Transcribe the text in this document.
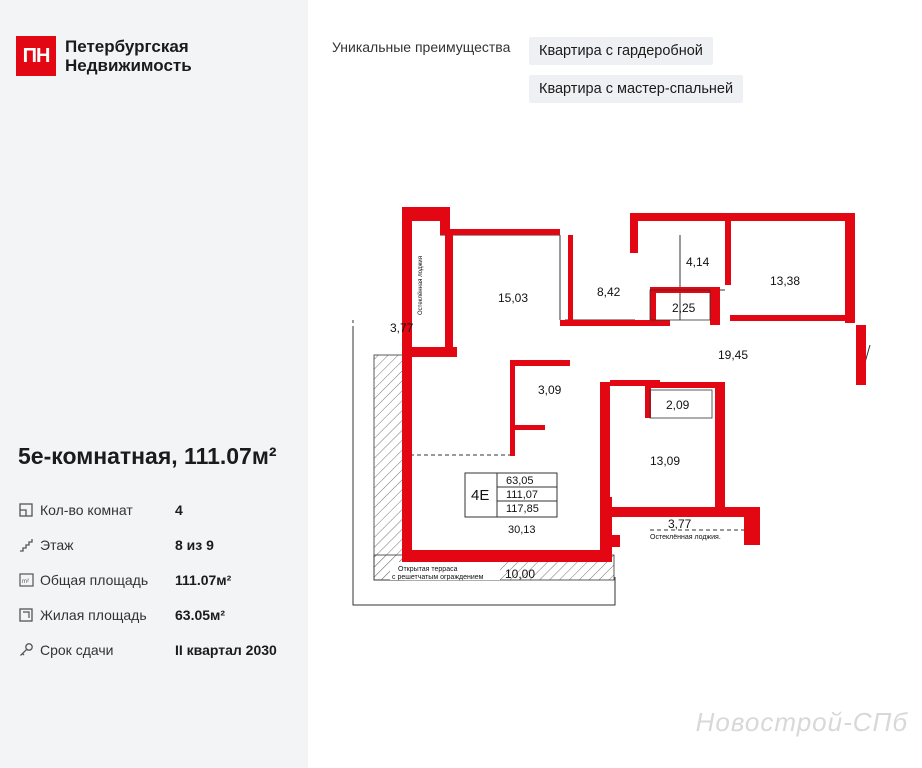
ПН Петербургская
Недвижимость
5е-комнатная, 111.07м²
Кол-во комнат	4
Этаж	8 из 9
m² Общая площадь	111.07м²
Жилая площадь	63.05м²
Срок сдачи	II квартал 2030
Уникальные преимущества	Квартира с гардеробной
Квартира с мастер-спальней
3,77
Остеклённая лоджия	15,03	8,42
4,14
13,38
2,25
19,45
3,09
2,09
13,09
4E
63,05
111,07
117,85
30,13	3,77
Остеклённая лоджия.
Открытая терраса
с решетчатым ограждением 10,00
Новострой-СПб
